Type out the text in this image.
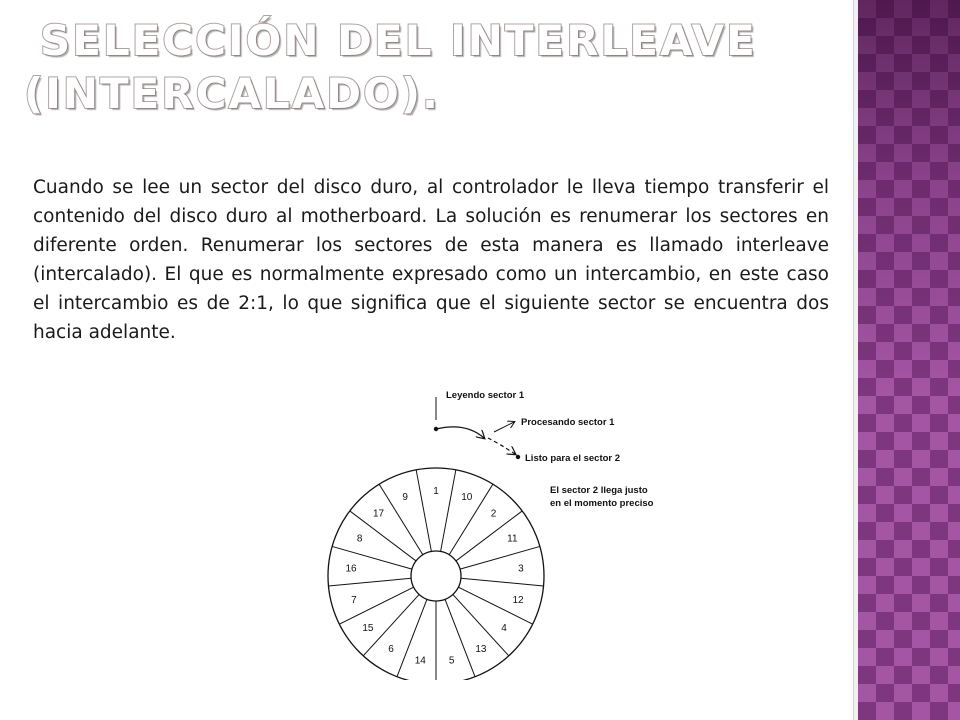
SELECCIÓN DEL INTERLEAVE
(INTERCALADO).

Cuando se lee un sector del disco duro, al controlador le lleva tiempo transferir el contenido del disco duro al motherboard. La solución es renumerar los sectores en diferente orden. Renumerar los sectores de esta manera es llamado interleave (intercalado). El que es normalmente expresado como un intercambio, en este caso el intercambio es de 2:1, lo que significa que el siguiente sector se encuentra dos hacia adelante.

1
10
2
11
3
12
4
13
5
14
6
15
7
16
8
17
9
Leyendo sector 1
Procesando sector 1
Listo para el sector 2
El sector 2 llega justo
en el momento preciso
